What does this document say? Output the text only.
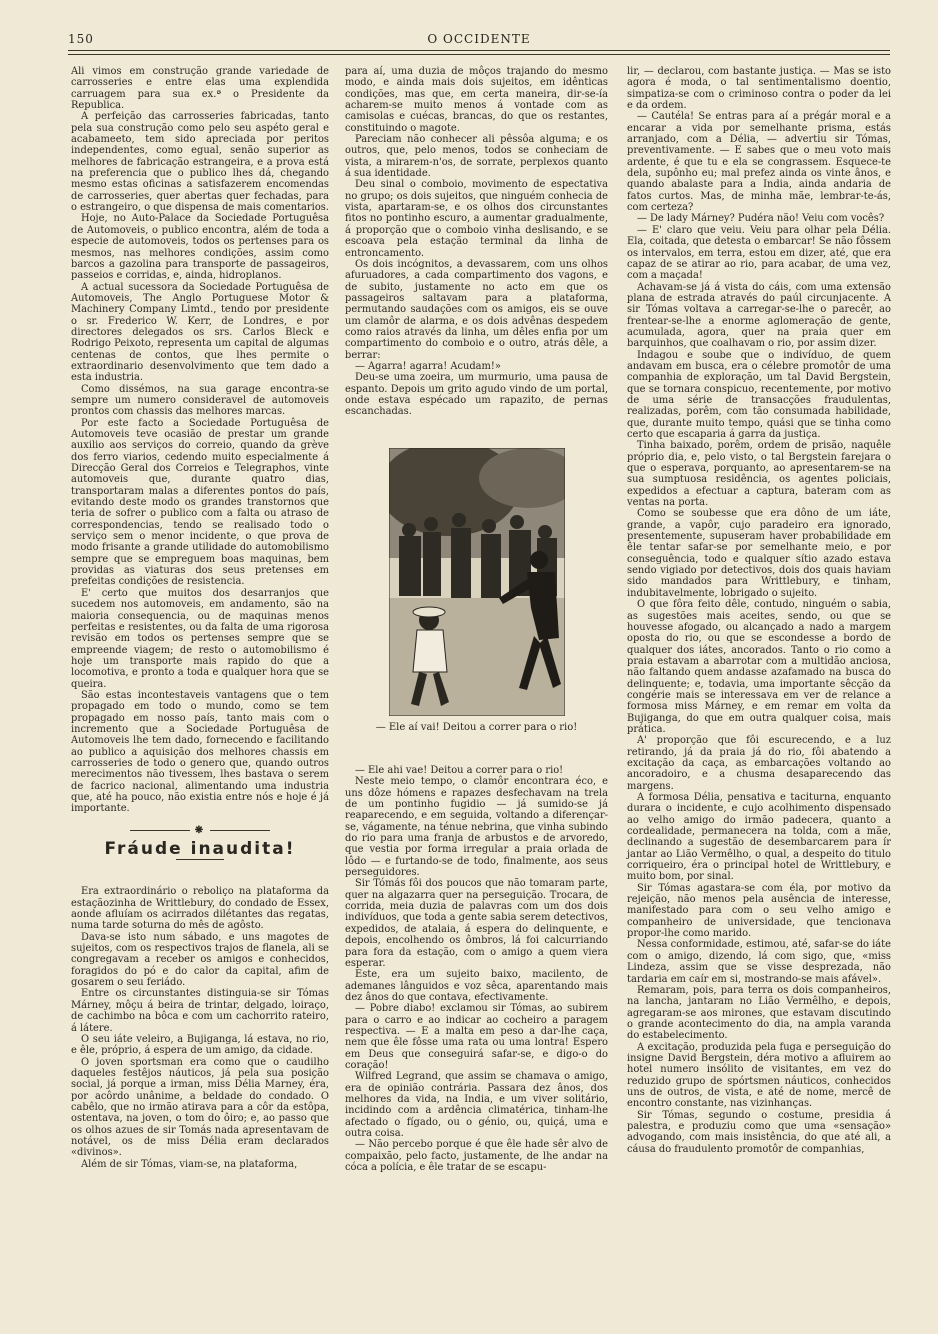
150	O OCCIDENTE

Ali vimos em construção grande variedade de carrosseries e entre elas uma explendida carruagem para sua ex.ª o Presidente da Republica.

A perfeição das carrosseries fabricadas, tanto pela sua construção como pelo seu aspéto geral e acabameeto, tem sido apreciada por peritos independentes, como egual, senão superior as melhores de fabricação estrangeira, e a prova está na preferencia que o publico lhes dá, chegando mesmo estas oficinas a satisfazerem encomendas de carrosseries, quer abertas quer fechadas, para o estrangeiro, o que dispensa de mais comentarios.

Hoje, no Auto-Palace da Sociedade Portuguêsa de Automoveis, o publico encontra, além de toda a especie de automoveis, todos os pertenses para os mesmos, nas melhores condições, assim como barcos a gazolina para transporte de passageiros, passeios e corridas, e, ainda, hidroplanos.

A actual sucessora da Sociedade Portuguêsa de Automoveis, The Anglo Portuguese Motor & Machinery Company Limtd., tendo por presidente o sr. Frederico W. Kerr, de Londres, e por directores delegados os srs. Carlos Bleck e Rodrigo Peixoto, representa um capital de algumas centenas de contos, que lhes permite o extraordinario desenvolvimento que tem dado a esta industria.

Como dissémos, na sua garage encontra-se sempre um numero consideravel de automoveis prontos com chassis das melhores marcas.

Por este facto a Sociedade Portuguêsa de Automoveis teve ocasião de prestar um grande auxilio aos serviços do correio, quando da grève dos ferro viarios, cedendo muito especialmente á Direcção Geral dos Correios e Telegraphos, vinte automoveis que, durante quatro dias, transportaram malas a diferentes pontos do país, evitando deste modo os grandes transtornos que teria de sofrer o publico com a falta ou atraso de correspondencias, tendo se realisado todo o serviço sem o menor incidente, o que prova de modo frisante a grande utilidade do automobilismo sempre que se empreguem boas maquinas, bem providas as viaturas dos seus pretenses em prefeitas condições de resistencia.

E' certo que muitos dos desarranjos que sucedem nos automoveis, em andamento, são na maioria consequencia, ou de maquinas menos perfeitas e resistentes, ou da falta de uma rigorosa revisão em todos os pertenses sempre que se empreende viagem; de resto o automobilismo é hoje um transporte mais rapido do que a locomotiva, e pronto a toda e qualquer hora que se queira.

São estas incontestaveis vantagens que o tem propagado em todo o mundo, como se tem propagado em nosso país, tanto mais com o incremento que a Sociedade Portuguêsa de Automoveis lhe tem dado, fornecendo e facilitando ao publico a aquisição dos melhores chassis em carrosseries de todo o genero que, quando outros merecimentos não tivessem, lhes bastava o serem de facrico nacional, alimentando uma industria que, até ha pouco, não existia entre nós e hoje é já importante.

❋
Fráude inaudita!

Era extraordinário o reboliço na plataforma da estaçãozinha de Writtlebury, do condado de Essex, aonde afluíam os acirrados dilétantes das regatas, numa tarde soturna do mês de agôsto.

Dava-se isto num sábado, e uns magotes de sujeitos, com os respectivos trajos de flanela, ali se congregavam a receber os amigos e conhecidos, foragidos do pó e do calor da capital, afim de gosarem o seu feriádo.

Entre os circunstantes distinguia-se sir Tómas Márney, môçu á beira de trintar, delgado, loiraço, de cachimbo na bôca e com um cachorrito rateiro, á látere.

O seu iáte veleiro, a Bujiganga, lá estava, no rio, e êle, próprio, á espera de um amigo, da cidade.

O joven sportsman era como que o caudilho daqueles festêjos náuticos, já pela sua posição social, já porque a irman, miss Délia Marney, éra, por acôrdo unânime, a beldade do condado. O cabêlo, que no irmão atirava para a côr da estôpa, ostentava, na joven, o tom do ôiro; e, ao passo que os olhos azues de sir Tomás nada apresentavam de notável, os de miss Délia eram declarados «divinos».

Além de sir Tómas, viam-se, na plataforma,

para aí, uma duzia de môços trajando do mesmo modo, e ainda mais dois sujeitos, em idênticas condições, mas que, em certa maneira, dir-se-ía acharem-se muito menos á vontade com as camisolas e cuécas, brancas, do que os restantes, constituindo o magote.

Pareciam não conhecer ali pêssôa alguma; e os outros, que, pelo menos, todos se conheciam de vista, a mirarem-n'os, de sorrate, perplexos quanto á sua identidade.

Deu sinal o comboio, movimento de espectativa no grupo; os dois sujeitos, que ninguém conhecia de vista, apartaram-se, e os olhos dos circunstantes fitos no pontinho escuro, a aumentar gradualmente, á proporção que o comboio vinha deslisando, e se escoava pela estação terminal da linha de entroncamento.

Os dois incógnitos, a devassarem, com uns olhos afuruadores, a cada compartimento dos vagons, e de subito, justamente no acto em que os passageiros saltavam para a plataforma, permutando saudações com os amigos, eis se ouve um clamôr de alarma, e os dois advênas despedem como raios através da linha, um dêles enfia por um compartimento do comboio e o outro, atrás dêle, a berrar:

— Agarra! agarra! Acudam!»

Deu-se uma zoeira, um murmurio, uma pausa de espanto. Depois um grito agudo vindo de um portal, onde estava espécado um rapazito, de pernas escanchadas.

— Ele aí vai! Deitou a correr para o rio!

— Ele ahi vae! Deitou a correr para o rio!

Neste meio tempo, o clamôr encontrara éco, e uns dôze hómens e rapazes desfechavam na trela de um pontinho fugidio — já sumido-se já reaparecendo, e em seguida, voltando a diferençar-se, vágamente, na ténue nebrina, que vinha subindo do rio para uma franja de arbustos e de arvoredo, que vestia por forma irregular a praia orlada de lôdo — e furtando-se de todo, finalmente, aos seus perseguidores.

Sir Tómás fôi dos poucos que não tomaram parte, quer na algazarra quer na perseguição. Trocara, de corrida, meia duzia de palavras com um dos dois indivíduos, que toda a gente sabia serem detectivos, expedidos, de atalaia, á espera do delinquente, e depois, encolhendo os ômbros, lá foi calcurriando para fora da estação, com o amigo a quem viera esperar.

Este, era um sujeito baixo, macilento, de ademanes lânguidos e voz sêca, aparentando mais dez ânos do que contava, efectivamente.

— Pobre diabo! exclamou sir Tómas, ao subirem para o carro e ao indicar ao cocheiro a paragem respectiva. — E a malta em peso a dar-lhe caça, nem que êle fôsse uma rata ou uma lontra! Espero em Deus que conseguirá safar-se, e digo-o do coração!

Wilfred Legrand, que assim se chamava o amigo, era de opinião contrária. Passara dez ânos, dos melhores da vida, na India, e um viver solitário, incidindo com a ardência climatérica, tinham-lhe afectado o fígado, ou o génio, ou, quiçá, uma e outra coisa.

— Não percebo porque é que êle hade sêr alvo de compaixão, pelo facto, justamente, de lhe andar na cóca a polícia, e êle tratar de se escapu-

lir, — declarou, com bastante justiça. — Mas se isto agora é moda, o tal sentimentalismo doentio, simpatiza-se com o criminoso contra o poder da lei e da ordem.

— Cautéla! Se entras para aí a prégár moral e a encarar a vida por semelhante prisma, estás arranjado, com a Délia, — advertiu sir Tómas, preventivamente. — E sabes que o meu voto mais ardente, é que tu e ela se congrassem. Esquece-te dela, supônho eu; mal prefez ainda os vinte ânos, e quando abalaste para a India, ainda andaria de fatos curtos. Mas, de minha mãe, lembrar-te-ás, com certeza?

— De lady Márney? Pudéra não! Veiu com vocês?

— E' claro que veiu. Veiu para olhar pela Délia. Ela, coitada, que detesta o embarcar! Se não fôssem os intervalos, em terra, estou em dizer, até, que era capaz de se atirar ao rio, para acabar, de uma vez, com a maçada!

Achavam-se já á vista do cáis, com uma extensão plana de estrada através do paúl circunjacente. A sir Tómas voltava a carregar-se-lhe o parecêr, ao frentear-se-lhe a enorme aglomeração de gente, acumulada, agora, quer na praia quer em barquinhos, que coalhavam o rio, por assim dizer.

Indagou e soube que o indivíduo, de quem andavam em busca, era o célebre promotôr de uma companhia de exploração, um tal David Bergstein, que se tornara conspicuo, recentemente, por motivo de uma série de transacções fraudulentas, realizadas, porêm, com tão consumada habilidade, que, durante muito tempo, quási que se tinha como certo que escaparia á garra da justiça.

Tinha baixado, porêm, ordem de prisão, naquêle próprio dia, e, pelo visto, o tal Bergstein farejara o que o esperava, porquanto, ao apresentarem-se na sua sumptuosa residência, os agentes policiais, expedidos a efectuar a captura, bateram com as ventas na porta.

Como se soubesse que era dôno de um iáte, grande, a vapôr, cujo paradeiro era ignorado, presentemente, supuseram haver probabilidade em êle tentar safar-se por semelhante meio, e por conseguência, todo e qualquer sítio azado estava sendo vigiado por detectivos, dois dos quais haviam sido mandados para Writtlebury, e tinham, indubitavelmente, lobrigado o sujeito.

O que fôra feito dêle, contudo, ninguém o sabia, as sugestões mais aceites, sendo, ou que se houvesse afogado, ou alcançado a nado a margem oposta do rio, ou que se escondesse a bordo de qualquer dos iátes, ancorados. Tanto o rio como a praia estavam a abarrotar com a multidão anciosa, não faltando quem andasse azafamado na busca do delinquente; e, todavia, uma importante sêcção da congérie mais se interessava em ver de relance a formosa miss Márney, e em remar em volta da Bujiganga, do que em outra qualquer coisa, mais prática.

A' proporção que fôi escurecendo, e a luz retirando, já da praia já do rio, fôi abatendo a excitação da caça, as embarcações voltando ao ancoradoiro, e a chusma desaparecendo das margens.

A formosa Délia, pensativa e taciturna, enquanto durara o incidente, e cujo acolhimento dispensado ao velho amigo do irmão padecera, quanto a cordealidade, permanecera na tolda, com a mãe, declinando a sugestão de desembarcarem para ír jantar ao Lião Vermêlho, o qual, a despeito do titulo corriqueiro, éra o principal hotel de Writtlebury, e muito bom, por sinal.

Sir Tómas agastara-se com éla, por motivo da rejeição, não menos pela ausência de interesse, manifestado para com o seu velho amigo e companheiro de universidade, que tencionava propor-lhe como marido.

Nessa conformidade, estimou, até, safar-se do iáte com o amigo, dizendo, lá com sigo, que, «miss Lindeza, assim que se visse desprezada, não tardaria em caír em si, mostrando-se mais afável».

Remaram, pois, para terra os dois companheiros, na lancha, jantaram no Lião Vermêlho, e depois, agregaram-se aos mirones, que estavam discutindo o grande acontecimento do dia, na ampla varanda do estabelecimento.

A excitação, produzida pela fuga e perseguição do insigne David Bergstein, déra motivo a afluirem ao hotel numero insólito de visitantes, em vez do reduzido grupo de spórtsmen náuticos, conhecidos uns de outros, de vista, e até de nome, mercê de encontro constante, nas vizinhanças.

Sir Tómas, segundo o costume, presidia á palestra, e produziu como que uma «sensação» advogando, com mais insistência, do que até ali, a cáusa do fraudulento promotôr de companhias,
